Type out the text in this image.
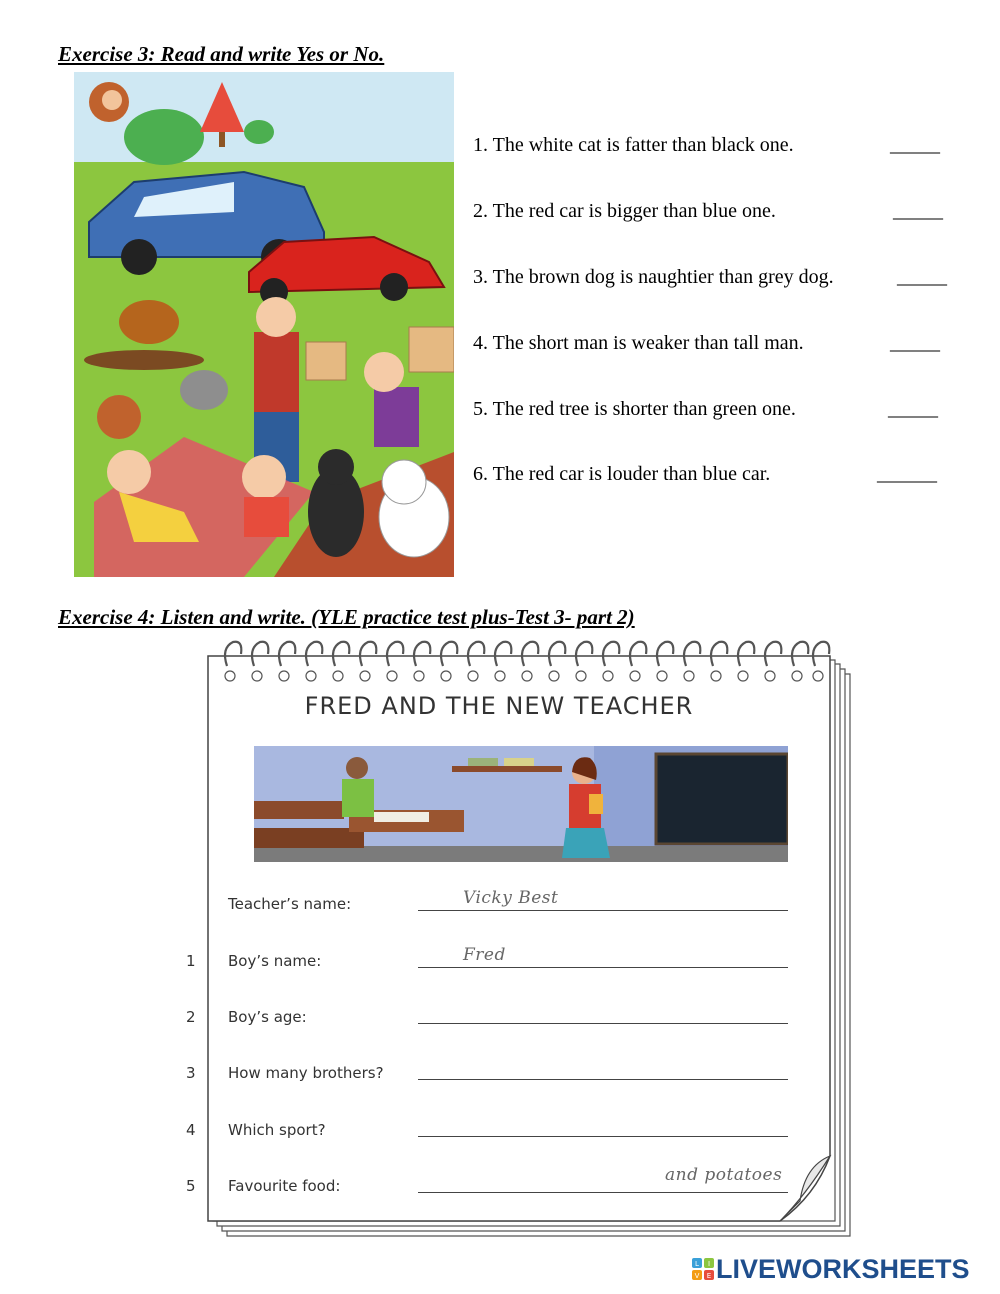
Exercise 3: Read and write Yes or No.
1. The white cat is fatter than black one.	_____
2. The red car is bigger than blue one.	_____
3. The brown dog is naughtier than grey dog.	_____
4. The short man is weaker than tall man.	_____
5. The red tree is shorter than green one.	_____
6. The red car is louder than blue car.	______
Exercise 4: Listen and write. (YLE practice test plus-Test 3- part 2)
FRED AND THE NEW TEACHER
Teacher’s name:	Vicky Best
1 Boy’s name:	Fred
2 Boy’s age:
3 How many brothers?
4 Which sport?
5 Favourite food:
and potatoes
L I
V E LIVEWORKSHEETS
